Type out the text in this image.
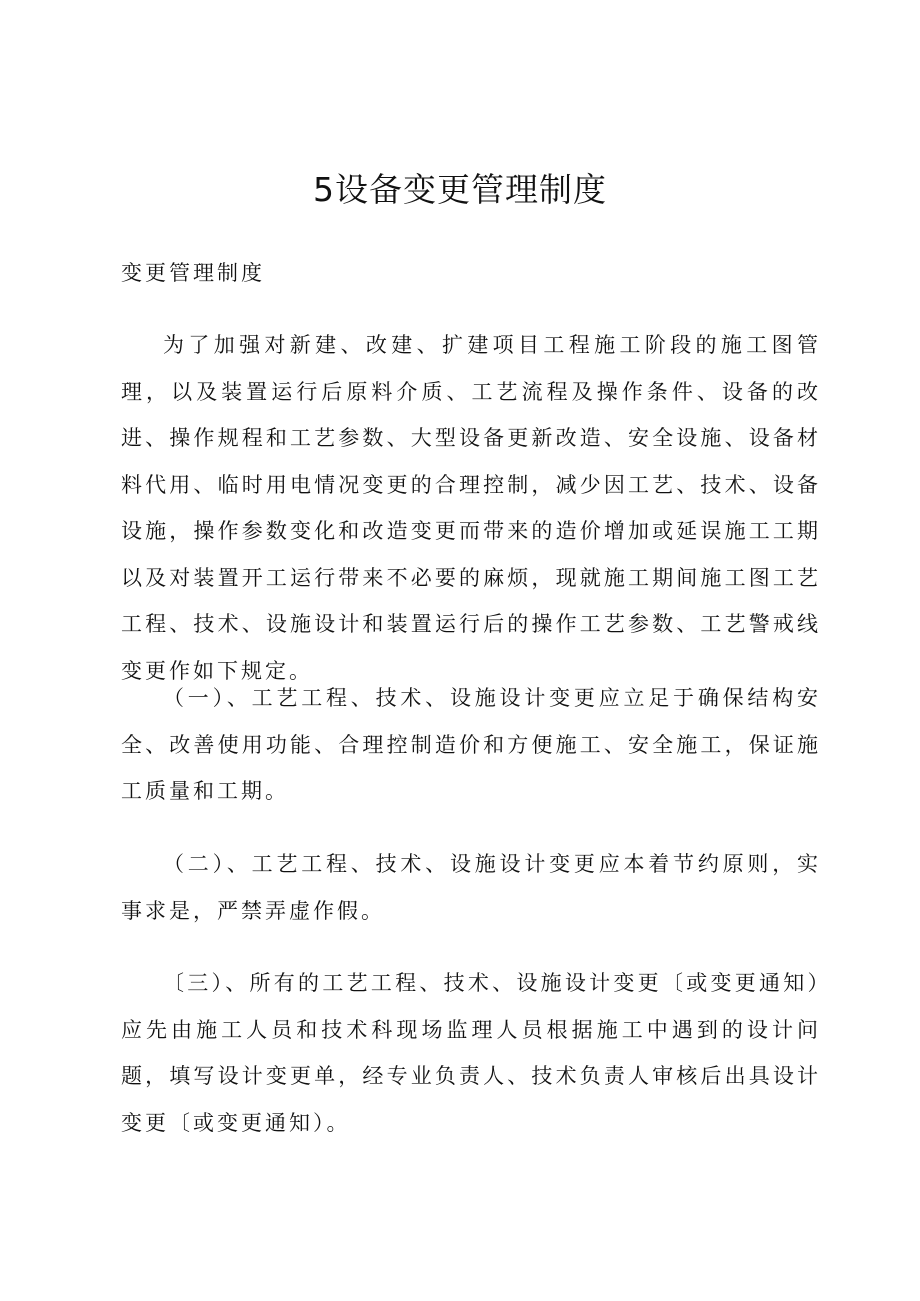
5设备变更管理制度

变更管理制度

为了加强对新建、改建、扩建项目工程施工阶段的施工图管理，以及装置运行后原料介质、工艺流程及操作条件、设备的改进、操作规程和工艺参数、大型设备更新改造、安全设施、设备材料代用、临时用电情况变更的合理控制，减少因工艺、技术、设备设施，操作参数变化和改造变更而带来的造价增加或延误施工工期以及对装置开工运行带来不必要的麻烦，现就施工期间施工图工艺工程、技术、设施设计和装置运行后的操作工艺参数、工艺警戒线变更作如下规定。

（一）、工艺工程、技术、设施设计变更应立足于确保结构安全、改善使用功能、合理控制造价和方便施工、安全施工，保证施工质量和工期。

（二）、工艺工程、技术、设施设计变更应本着节约原则，实事求是，严禁弄虚作假。

〔三）、所有的工艺工程、技术、设施设计变更〔或变更通知）应先由施工人员和技术科现场监理人员根据施工中遇到的设计问题，填写设计变更单，经专业负责人、技术负责人审核后出具设计变更〔或变更通知）。
